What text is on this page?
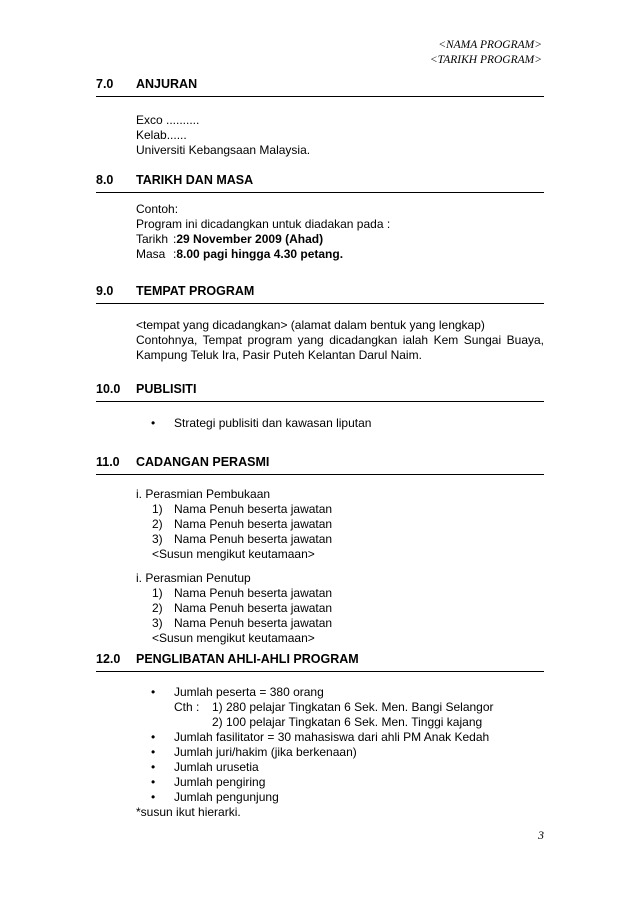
<NAMA PROGRAM>
<TARIKH PROGRAM>
7.0	ANJURAN
Exco ..........
Kelab......
Universiti Kebangsaan Malaysia.
8.0	TARIKH DAN MASA
Contoh:
Program ini dicadangkan untuk diadakan pada :
Tarikh : 29 November 2009 (Ahad)
Masa : 8.00 pagi hingga 4.30 petang.
9.0	TEMPAT PROGRAM
<tempat yang dicadangkan> (alamat dalam bentuk yang lengkap)
Contohnya, Tempat program yang dicadangkan ialah Kem Sungai Buaya, Kampung Teluk Ira, Pasir Puteh Kelantan Darul Naim.
10.0	PUBLISITI
• Strategi publisiti dan kawasan liputan
11.0	CADANGAN PERASMI
i. Perasmian Pembukaan
1) Nama Penuh beserta jawatan
2) Nama Penuh beserta jawatan
3) Nama Penuh beserta jawatan
<Susun mengikut keutamaan>
i. Perasmian Penutup
1) Nama Penuh beserta jawatan
2) Nama Penuh beserta jawatan
3) Nama Penuh beserta jawatan
<Susun mengikut keutamaan>
12.0	PENGLIBATAN AHLI-AHLI PROGRAM
• Jumlah peserta = 380 orang
Cth :	1) 280 pelajar Tingkatan 6 Sek. Men. Bangi Selangor
2) 100 pelajar Tingkatan 6 Sek. Men. Tinggi kajang
• Jumlah fasilitator = 30 mahasiswa dari ahli PM Anak Kedah
• Jumlah juri/hakim (jika berkenaan)
• Jumlah urusetia
• Jumlah pengiring
• Jumlah pengunjung
*susun ikut hierarki.
3
